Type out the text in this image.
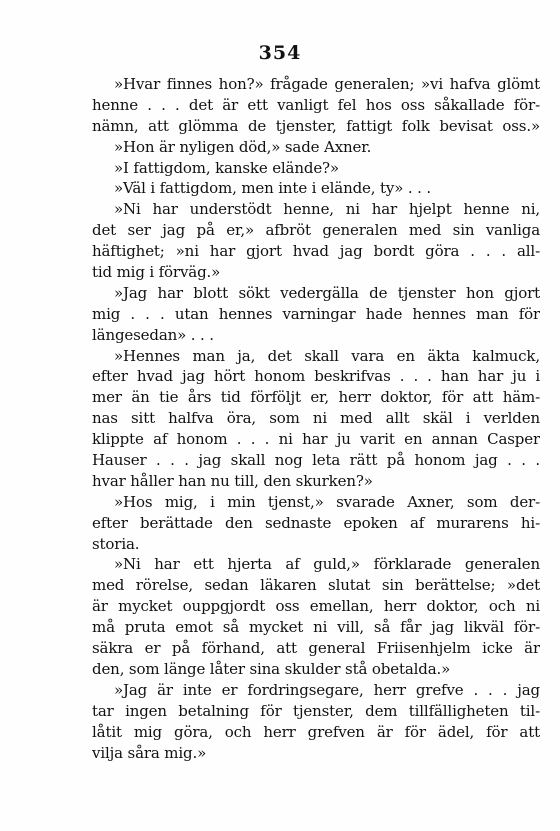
354
»Hvar finnes hon?» frågade generalen; »vi hafva glömt
henne . . . det är ett vanligt fel hos oss såkallade för-
nämn, att glömma de tjenster, fattigt folk bevisat oss.»
»Hon är nyligen död,» sade Axner.
»I fattigdom, kanske elände?»
»Väl i fattigdom, men inte i elände, ty» . . .
»Ni har understödt henne, ni har hjelpt henne ni,
det ser jag på er,» afbröt generalen med sin vanliga
häftighet; »ni har gjort hvad jag bordt göra . . . all-
tid mig i förväg.»
»Jag har blott sökt vedergälla de tjenster hon gjort
mig . . . utan hennes varningar hade hennes man för
längesedan» . . .
»Hennes man ja, det skall vara en äkta kalmuck,
efter hvad jag hört honom beskrifvas . . . han har ju i
mer än tie års tid förföljt er, herr doktor, för att häm-
nas sitt halfva öra, som ni med allt skäl i verlden
klippte af honom . . . ni har ju varit en annan Casper
Hauser . . . jag skall nog leta rätt på honom jag . . .
hvar håller han nu till, den skurken?»
»Hos mig, i min tjenst,» svarade Axner, som der-
efter berättade den sednaste epoken af murarens hi-
storia.
»Ni har ett hjerta af guld,» förklarade generalen
med rörelse, sedan läkaren slutat sin berättelse; »det
är mycket ouppgjordt oss emellan, herr doktor, och ni
må pruta emot så mycket ni vill, så får jag likväl för-
säkra er på förhand, att general Friisenhjelm icke är
den, som länge låter sina skulder stå obetalda.»
»Jag är inte er fordringsegare, herr grefve . . . jag
tar ingen betalning för tjenster, dem tillfälligheten til-
låtit mig göra, och herr grefven är för ädel, för att
vilja såra mig.»
